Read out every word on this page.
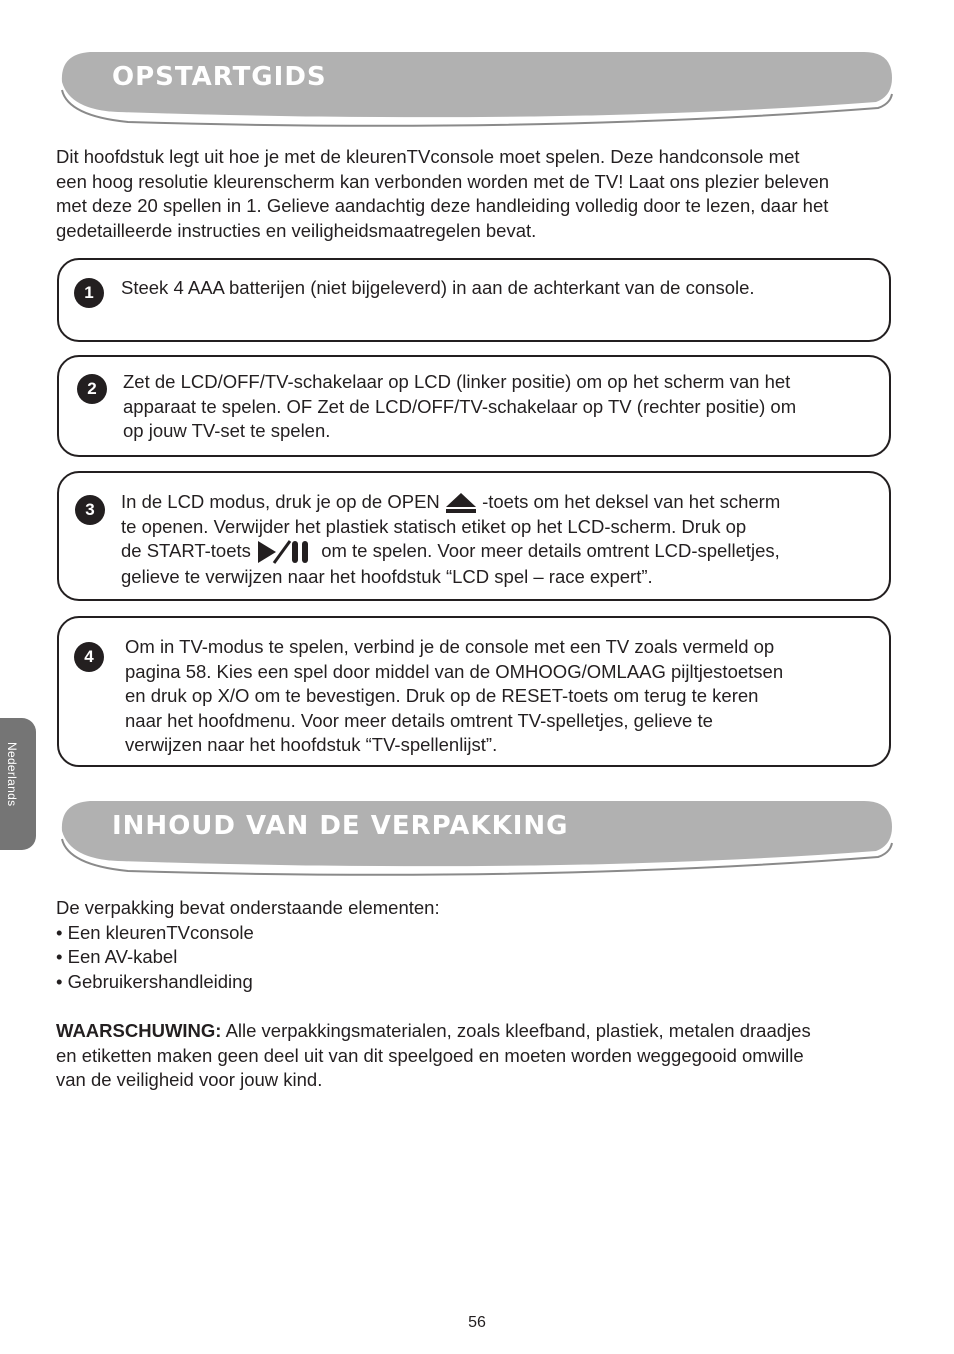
OPSTARTGIDS

Dit hoofdstuk legt uit hoe je met de kleurenTVconsole moet spelen. Deze handconsole met
een hoog resolutie kleurenscherm kan verbonden worden met de TV! Laat ons plezier beleven
met deze 20 spellen in 1. Gelieve aandachtig deze handleiding volledig door te lezen, daar het
gedetailleerde instructies en veiligheidsmaatregelen bevat.

1	Steek 4 AAA batterijen (niet bijgeleverd) in aan de achterkant van de console.

2	Zet de LCD/OFF/TV-schakelaar op LCD (linker positie) om op het scherm van het
apparaat te spelen. OF Zet de LCD/OFF/TV-schakelaar op TV (rechter positie) om
op jouw TV-set te spelen.

3	In de LCD modus, druk je op de OPEN -toets om het deksel van het scherm
te openen. Verwijder het plastiek statisch etiket op het LCD-scherm. Druk op
de START-toets	om te spelen. Voor meer details omtrent LCD-spelletjes,
gelieve te verwijzen naar het hoofdstuk “LCD spel – race expert”.

4	Om in TV-modus te spelen, verbind je de console met een TV zoals vermeld op
pagina 58. Kies een spel door middel van de OMHOOG/OMLAAG pijltjestoetsen
en druk op X/O om te bevestigen. Druk op de RESET-toets om terug te keren
naar het hoofdmenu. Voor meer details omtrent TV-spelletjes, gelieve te
verwijzen naar het hoofdstuk “TV-spellenlijst”.

INHOUD VAN DE VERPAKKING

De verpakking bevat onderstaande elementen:
• Een kleurenTVconsole
• Een AV-kabel
• Gebruikershandleiding

WAARSCHUWING: Alle verpakkingsmaterialen, zoals kleefband, plastiek, metalen draadjes
en etiketten maken geen deel uit van dit speelgoed en moeten worden weggegooid omwille
van de veiligheid voor jouw kind.

Nederlands
56
